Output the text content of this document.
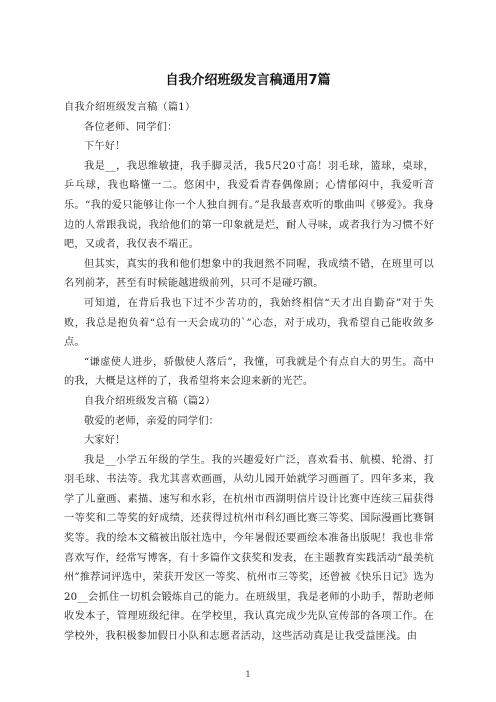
自我介绍班级发言稿通用7篇

自我介绍班级发言稿（篇1）

各位老师、同学们：

下午好！

我是__，我思维敏捷，我手脚灵活，我5尺20寸高！羽毛球，篮球，桌球，乒乓球，我也略懂一二。悠闲中，我爱看青春偶像剧；心情郁闷中，我爱听音乐。“我的爱只能够让你一个人独自拥有。”是我最喜欢听的歌曲叫《够爱》。我身边的人常跟我说，我给他们的第一印象就是烂，耐人寻味，或者我行为习惯不好吧，又或者，我仅表不端正。

但其实，真实的我和他们想象中的我迥然不同喔，我成绩不错，在班里可以名列前茅，甚至有时候能越进级前列，只可不是碰巧额。

可知道，在背后我也下过不少苦功的，我始终相信“天才出自勤奋”对于失败，我总是抱负着“总有一天会成功的`”心态，对于成功，我希望自己能收敛多点。

“谦虚使人进步，骄傲使人落后”，我懂，可我就是个有点自大的男生。高中的我，大概是这样的了，我希望将来会迎来新的光芒。

自我介绍班级发言稿（篇2）

敬爱的老师，亲爱的同学们：

大家好！

我是__小学五年级的学生。我的兴趣爱好广泛，喜欢看书、航模、轮滑、打羽毛球、书法等。我尤其喜欢画画，从幼儿园开始就学习画画了。四年多来，我学了儿童画、素描、速写和水彩，在杭州市西湖明信片设计比赛中连续三届获得一等奖和二等奖的好成绩，还获得过杭州市科幻画比赛三等奖、国际漫画比赛铜奖等。我的绘本文稿被出版社选中，今年暑假还要画绘本准备出版呢！我也非常喜欢写作，经常写博客，有十多篇作文获奖和发表，在主题教育实践活动“最美杭州”推荐词评选中，荣获开发区一等奖、杭州市三等奖，还曾被《快乐日记》选为20__会抓住一切机会锻炼自己的能力。在班级里，我是老师的小助手，帮助老师收发本子，管理班级纪律。在学校里，我认真完成少先队宣传部的各项工作。在学校外，我积极参加假日小队和志愿者活动，这些活动真是让我受益匪浅。由

1
